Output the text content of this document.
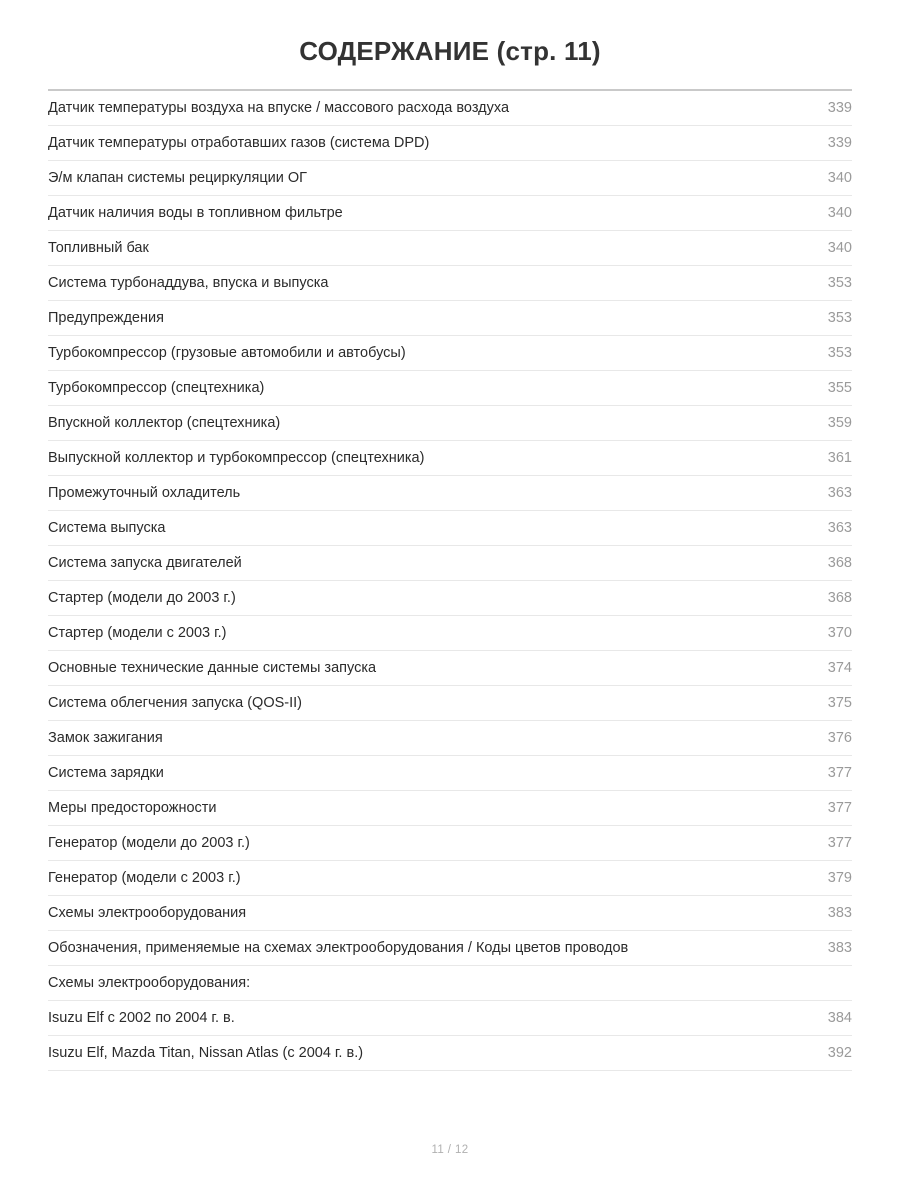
СОДЕРЖАНИЕ (стр. 11)
Датчик температуры воздуха на впуске / массового расхода воздуха	339
Датчик температуры отработавших газов (система DPD)	339
Э/м клапан системы рециркуляции ОГ	340
Датчик наличия воды в топливном фильтре	340
Топливный бак	340
Система турбонаддува, впуска и выпуска	353
Предупреждения	353
Турбокомпрессор (грузовые автомобили и автобусы)	353
Турбокомпрессор (спецтехника)	355
Впускной коллектор (спецтехника)	359
Выпускной коллектор и турбокомпрессор (спецтехника)	361
Промежуточный охладитель	363
Система выпуска	363
Система запуска двигателей	368
Стартер (модели до 2003 г.)	368
Стартер (модели с 2003 г.)	370
Основные технические данные системы запуска	374
Система облегчения запуска (QOS-II)	375
Замок зажигания	376
Система зарядки	377
Меры предосторожности	377
Генератор (модели до 2003 г.)	377
Генератор (модели с 2003 г.)	379
Схемы электрооборудования	383
Обозначения, применяемые на схемах электрооборудования / Коды цветов проводов	383
Схемы электрооборудования:	
Isuzu Elf с 2002 по 2004 г. в.	384
Isuzu Elf, Mazda Titan, Nissan Atlas (с 2004 г. в.)	392
11 / 12
